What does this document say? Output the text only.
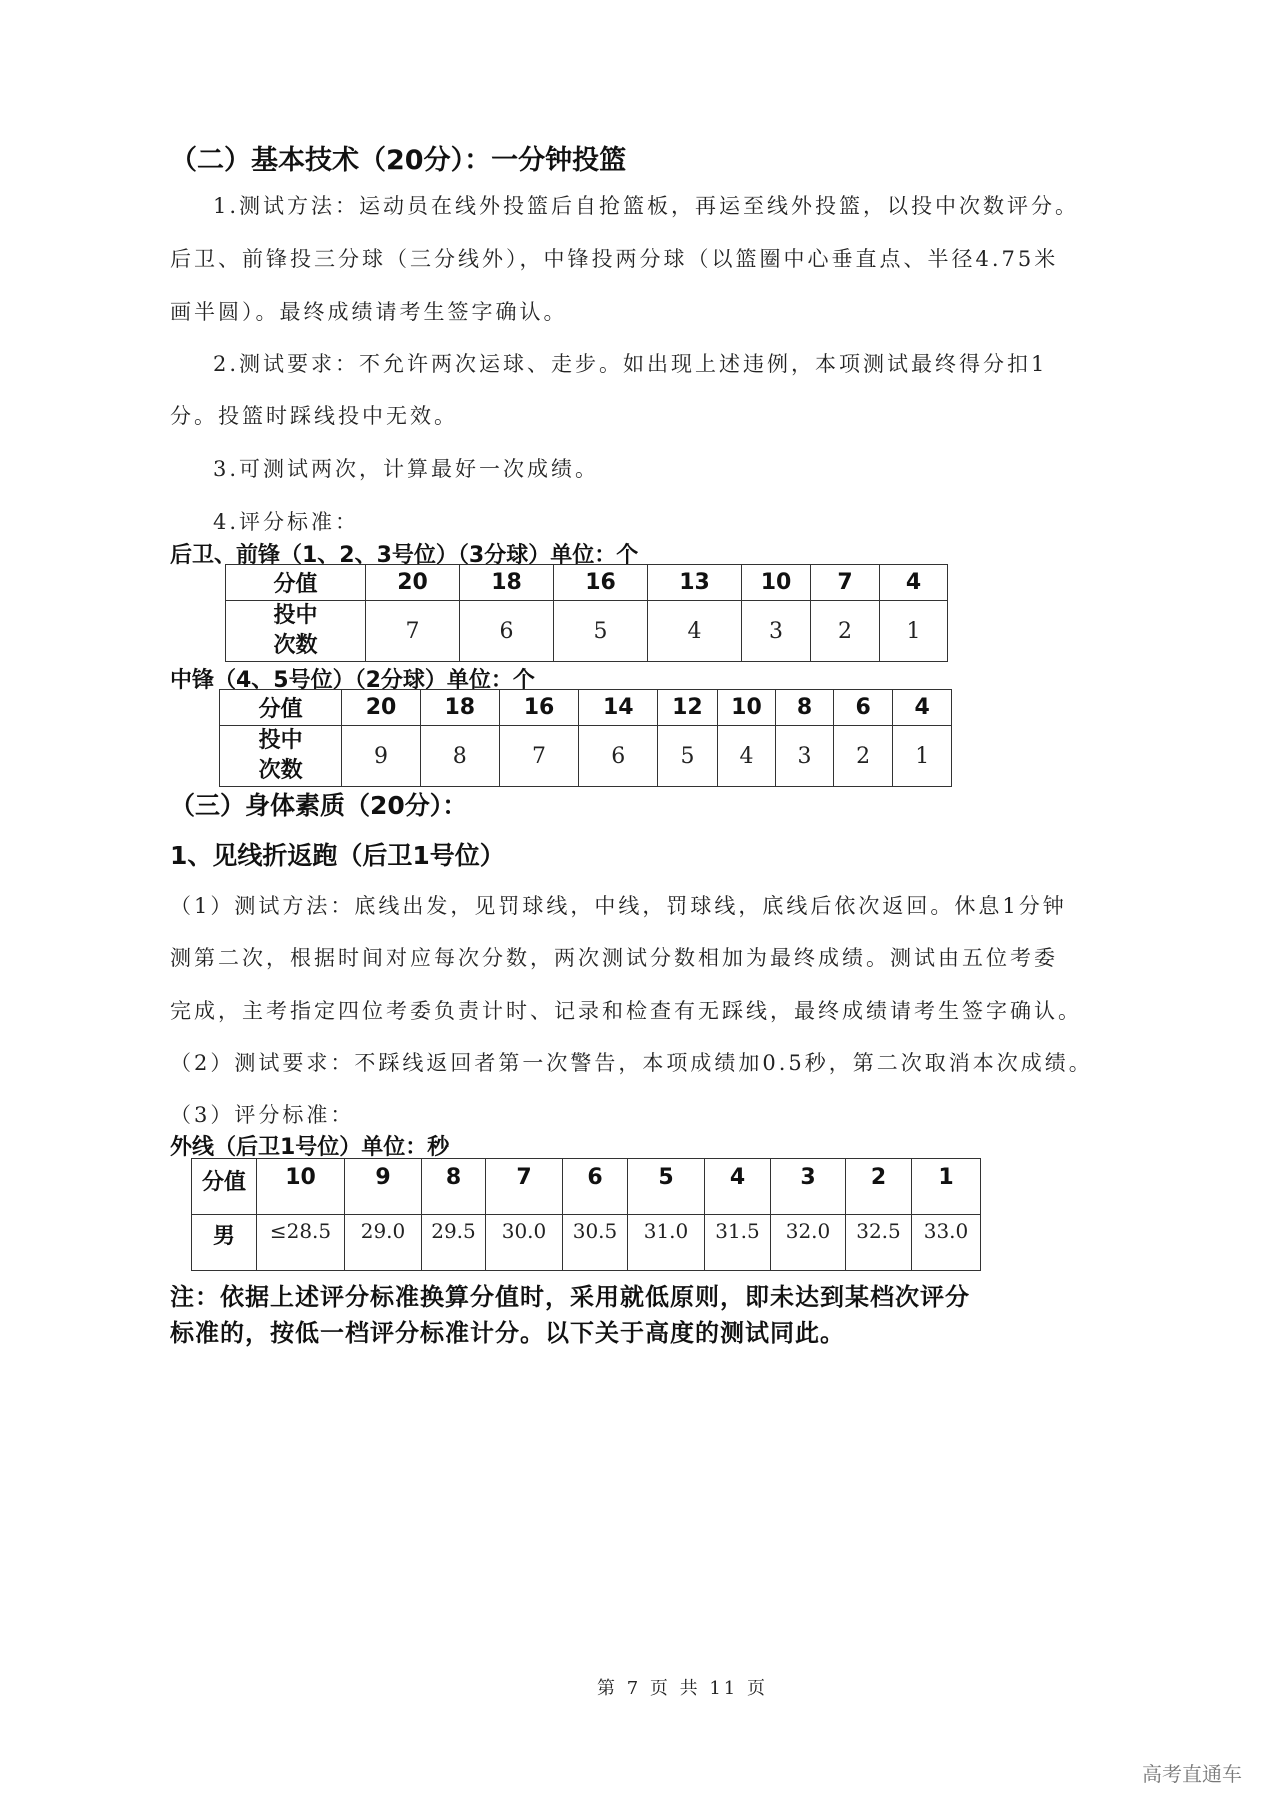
（二）基本技术（20分）：一分钟投篮
1.测试方法：运动员在线外投篮后自抢篮板，再运至线外投篮，以投中次数评分。
后卫、前锋投三分球（三分线外），中锋投两分球（以篮圈中心垂直点、半径4.75米
画半圆）。最终成绩请考生签字确认。
2.测试要求：不允许两次运球、走步。如出现上述违例，本项测试最终得分扣1
分。投篮时踩线投中无效。
3.可测试两次，计算最好一次成绩。
4.评分标准：
后卫、前锋（1、2、3号位）（3分球）单位：个
分值	20	18	16	13	10	7	4

投中
次数	7	6	5	4	3	2	1
中锋（4、5号位）（2分球）单位：个
分值	20	18	16	14	12	10	8	6	4

投中
次数	9	8	7	6	5	4	3	2	1
（三）身体素质（20分）：
1、见线折返跑（后卫1号位）
（1）测试方法：底线出发，见罚球线，中线，罚球线，底线后依次返回。休息1分钟
测第二次，根据时间对应每次分数，两次测试分数相加为最终成绩。测试由五位考委
完成，主考指定四位考委负责计时、记录和检查有无踩线，最终成绩请考生签字确认。
（2）测试要求：不踩线返回者第一次警告，本项成绩加0.5秒，第二次取消本次成绩。
（3）评分标准：
外线（后卫1号位）单位：秒
分值	10	9	8	7	6	5	4	3	2	1
男	≤28.5	29.0	29.5	30.0	30.5	31.0	31.5	32.0	32.5	33.0
注：依据上述评分标准换算分值时，采用就低原则，即未达到某档次评分
标准的，按低一档评分标准计分。以下关于高度的测试同此。
第 7 页 共 11 页
高考直通车
